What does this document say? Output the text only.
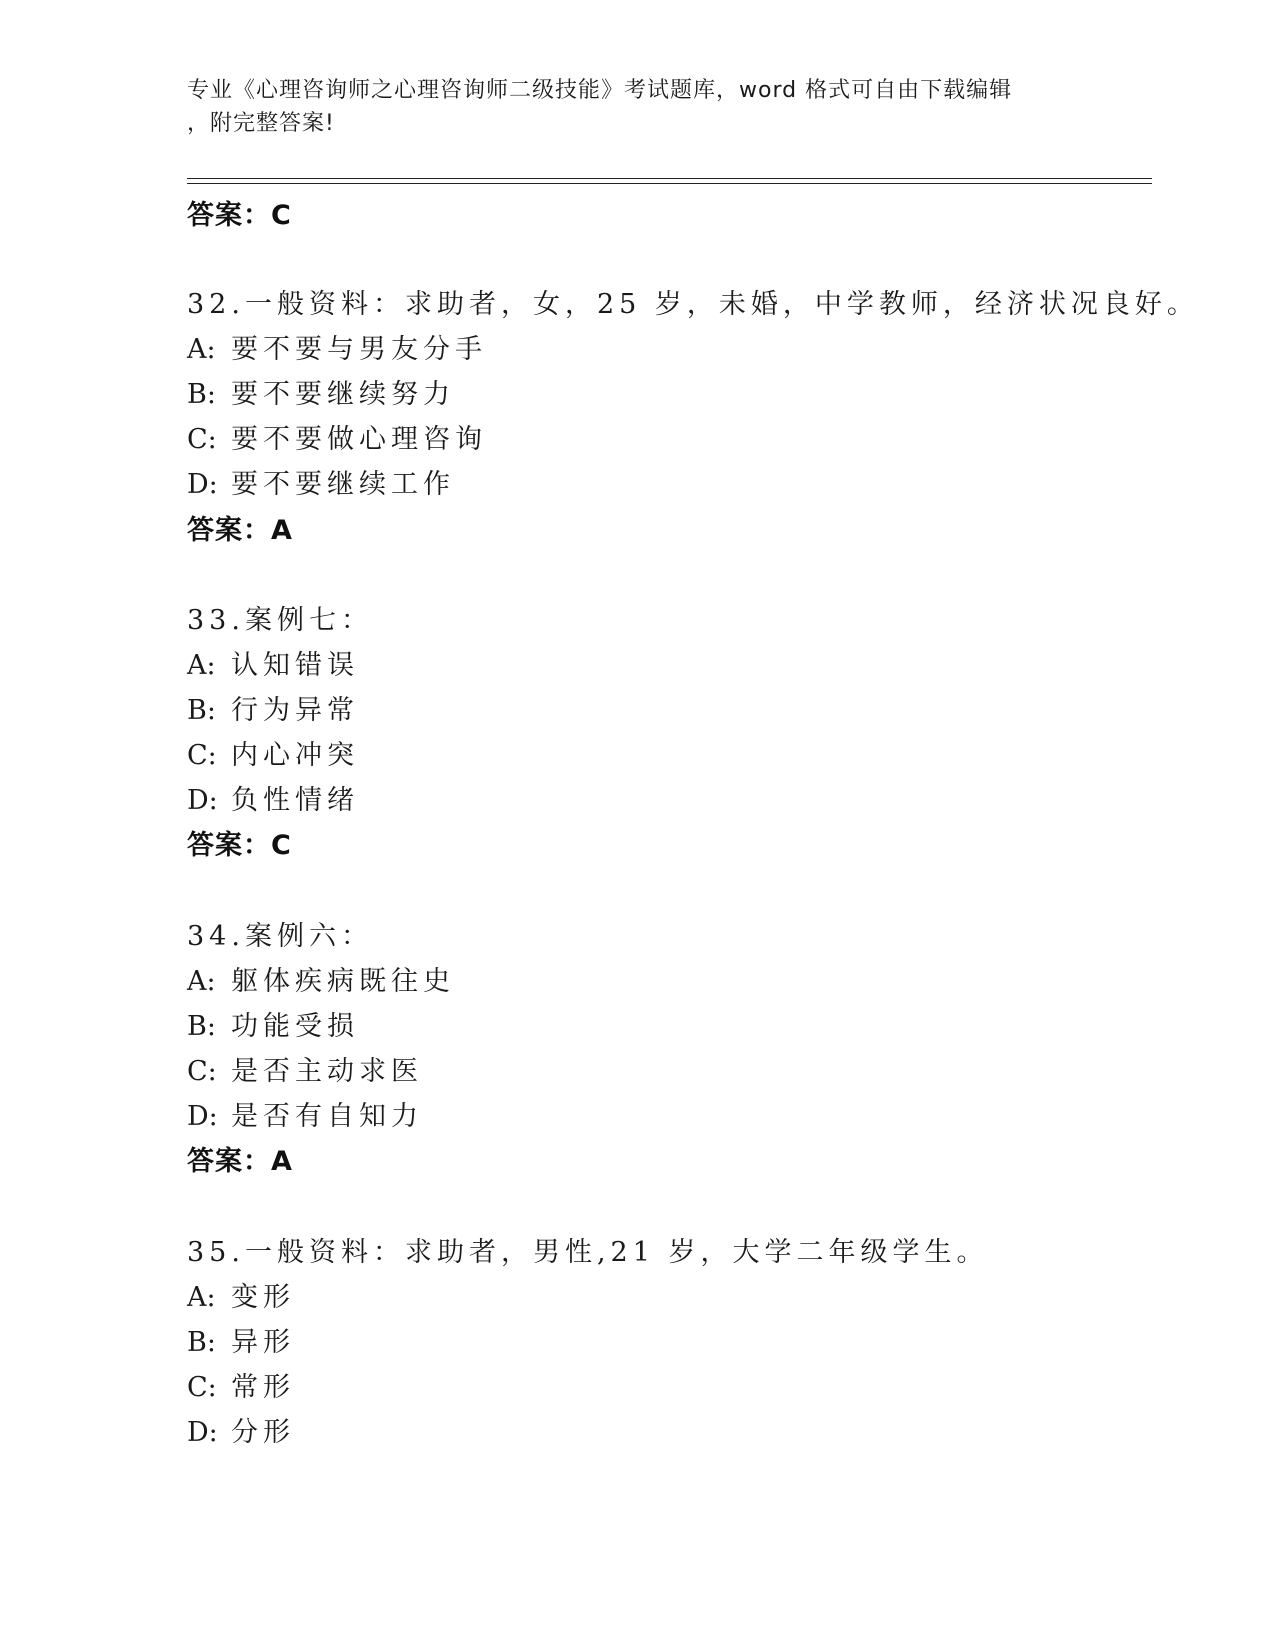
专业《心理咨询师之心理咨询师二级技能》考试题库，word 格式可自由下载编辑
，附完整答案!
答案：C
32.一般资料：求助者，女，25 岁，未婚，中学教师，经济状况良好。
A: 要不要与男友分手
B: 要不要继续努力
C: 要不要做心理咨询
D: 要不要继续工作
答案：A
33.案例七：
A: 认知错误
B: 行为异常
C: 内心冲突
D: 负性情绪
答案：C
34.案例六：
A: 躯体疾病既往史
B: 功能受损
C: 是否主动求医
D: 是否有自知力
答案：A
35.一般资料：求助者，男性,21 岁，大学二年级学生。
A: 变形
B: 异形
C: 常形
D: 分形
